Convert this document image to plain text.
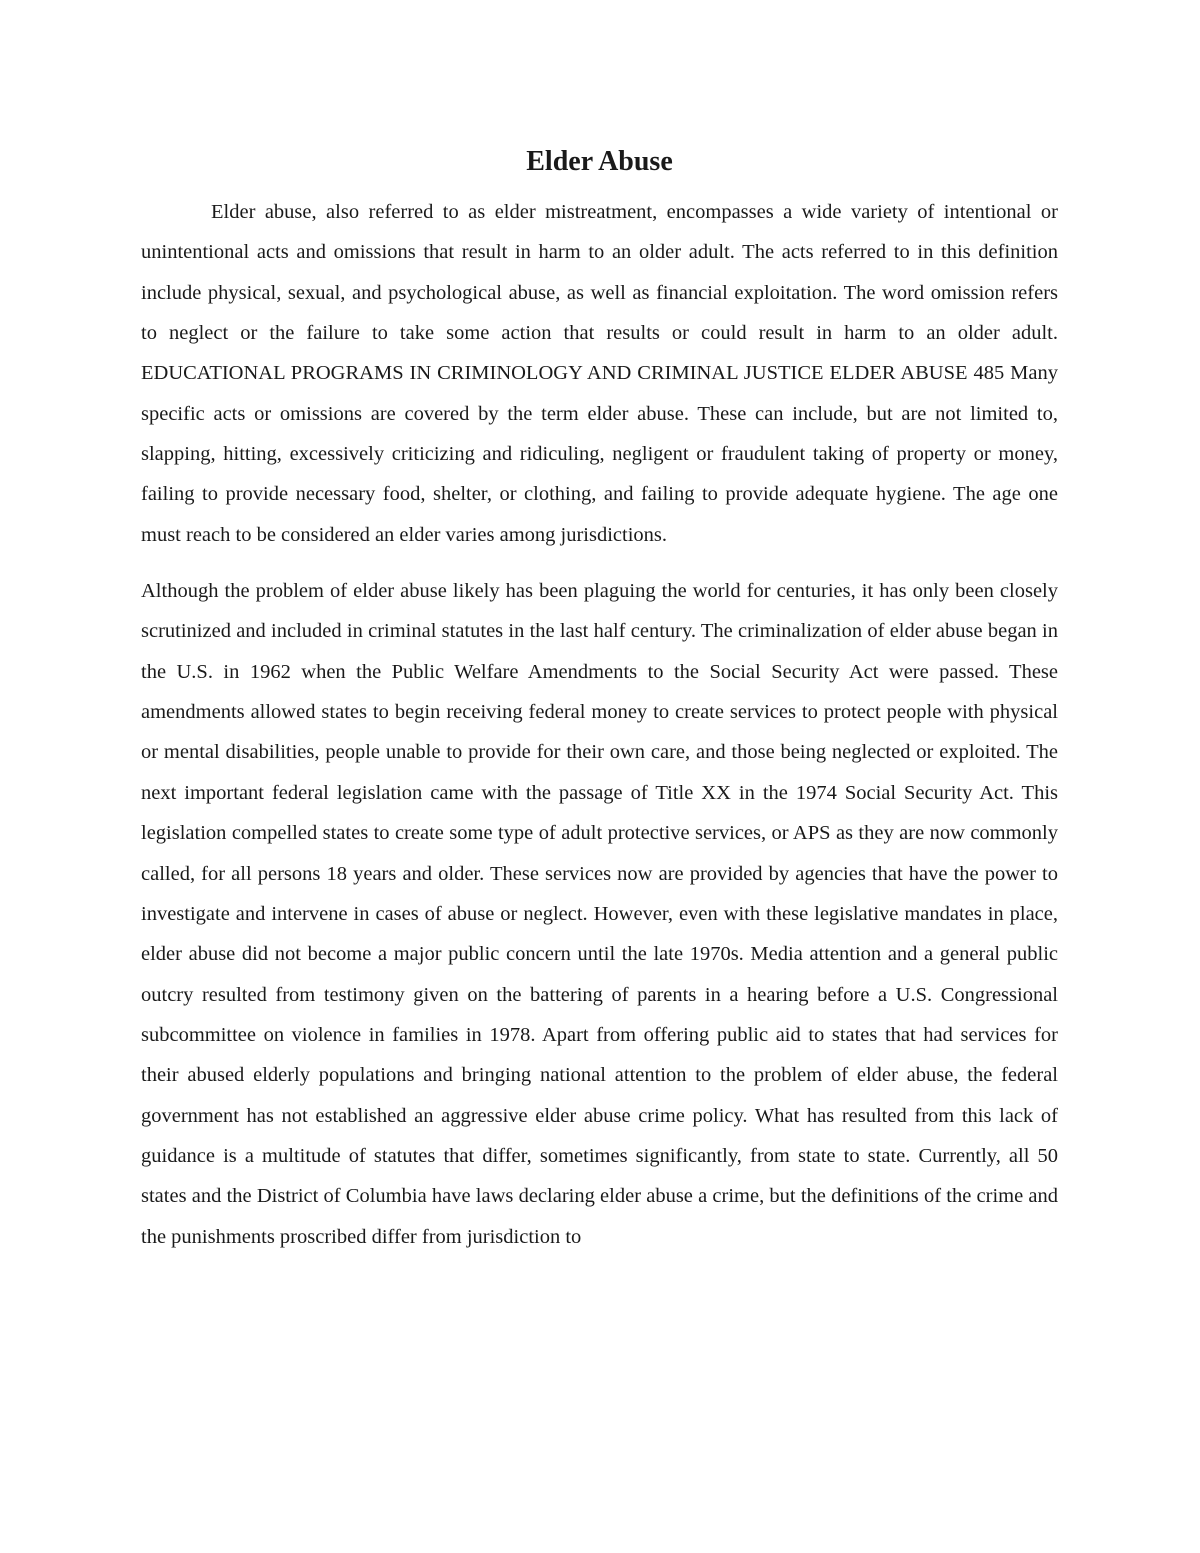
Elder Abuse

Elder abuse, also referred to as elder mistreatment, encompasses a wide variety of intentional or unintentional acts and omissions that result in harm to an older adult. The acts referred to in this definition include physical, sexual, and psychological abuse, as well as financial exploitation. The word omission refers to neglect or the failure to take some action that results or could result in harm to an older adult. EDUCATIONAL PROGRAMS IN CRIMINOLOGY AND CRIMINAL JUSTICE ELDER ABUSE 485 Many specific acts or omissions are covered by the term elder abuse. These can include, but are not limited to, slapping, hitting, excessively criticizing and ridiculing, negligent or fraudulent taking of property or money, failing to provide necessary food, shelter, or clothing, and failing to provide adequate hygiene. The age one must reach to be considered an elder varies among jurisdictions.

Although the problem of elder abuse likely has been plaguing the world for centuries, it has only been closely scrutinized and included in criminal statutes in the last half century. The criminalization of elder abuse began in the U.S. in 1962 when the Public Welfare Amendments to the Social Security Act were passed. These amendments allowed states to begin receiving federal money to create services to protect people with physical or mental disabilities, people unable to provide for their own care, and those being neglected or exploited. The next important federal legislation came with the passage of Title XX in the 1974 Social Security Act. This legislation compelled states to create some type of adult protective services, or APS as they are now commonly called, for all persons 18 years and older. These services now are provided by agencies that have the power to investigate and intervene in cases of abuse or neglect. However, even with these legislative mandates in place, elder abuse did not become a major public concern until the late 1970s. Media attention and a general public outcry resulted from testimony given on the battering of parents in a hearing before a U.S. Congressional subcommittee on violence in families in 1978. Apart from offering public aid to states that had services for their abused elderly populations and bringing national attention to the problem of elder abuse, the federal government has not established an aggressive elder abuse crime policy. What has resulted from this lack of guidance is a multitude of statutes that differ, sometimes significantly, from state to state. Currently, all 50 states and the District of Columbia have laws declaring elder abuse a crime, but the definitions of the crime and the punishments proscribed differ from jurisdiction to
